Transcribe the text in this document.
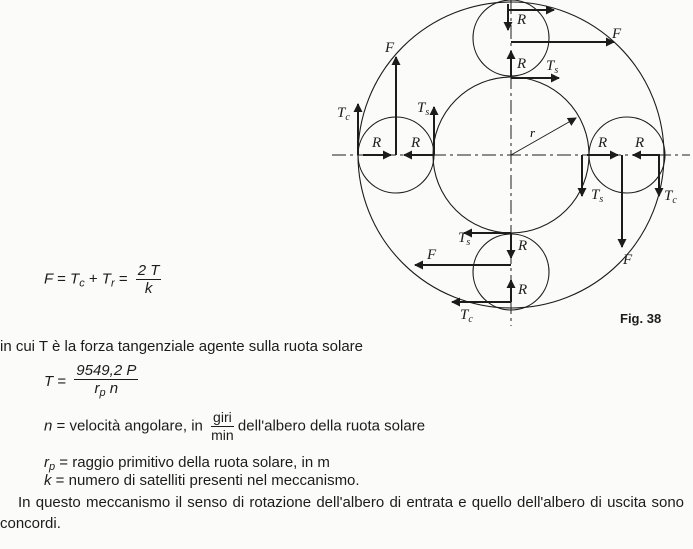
r
R
F
R $T_s$
F
$T_c$
$T_s$
R R	R R
$T_s$	$T_c$
F
$T_s$	R
F
R
$T_c$	Fig. 38
$F = T_c + T_r = \frac{2 T}{k}$
in cui T è la forza tangenziale agente sulla ruota solare
$T = \frac{9549,2 P}{r_p n}$
n = velocità angolare, in $\frac{\text{giri}}{\min}$ dell'albero della ruota solare
$r_p$ = raggio primitivo della ruota solare, in m
k = numero di satelliti presenti nel meccanismo.
In questo meccanismo il senso di rotazione dell'albero di entrata e quello dell'albero di uscita sono concordi.
